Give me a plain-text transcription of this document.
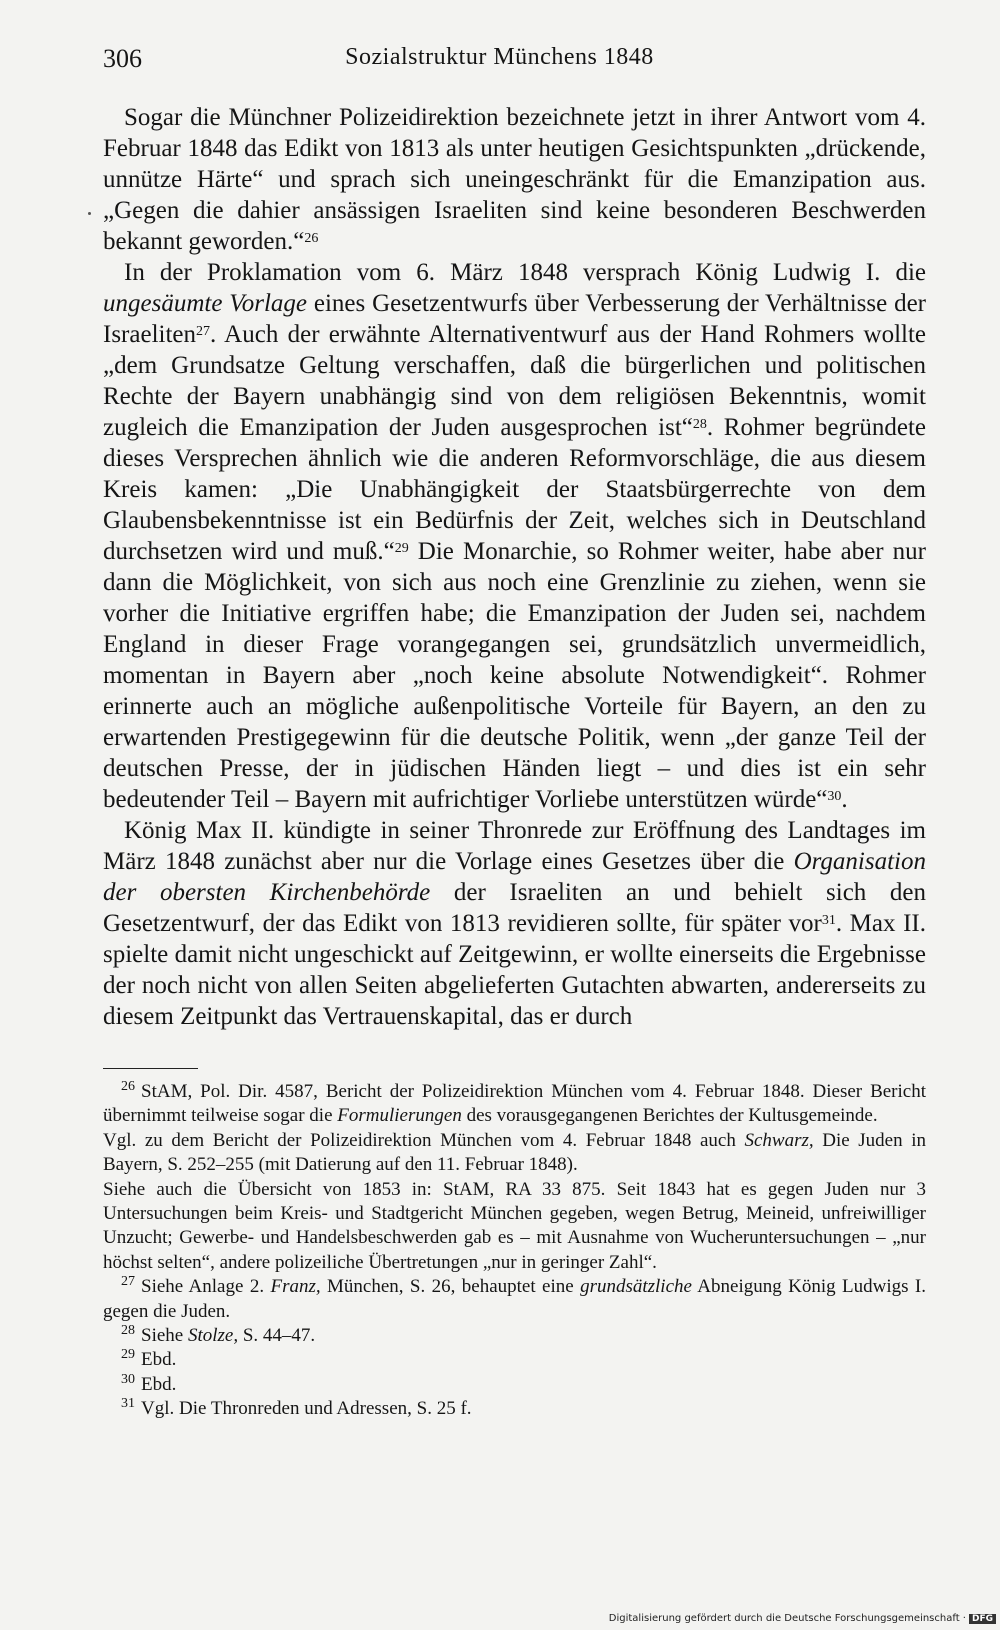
306	Sozialstruktur Münchens 1848

Sogar die Münchner Polizeidirektion bezeichnete jetzt in ihrer Antwort vom 4. Februar 1848 das Edikt von 1813 als unter heutigen Gesichtspunkten „drückende, unnütze Härte“ und sprach sich uneingeschränkt für die Emanzipation aus. „Gegen die dahier ansässigen Israeliten sind keine besonderen Beschwerden bekannt geworden.“$^{26}$

In der Proklamation vom 6. März 1848 versprach König Ludwig I. die ungesäumte Vorlage eines Gesetzentwurfs über Verbesserung der Verhältnisse der Israeliten$^{27}$. Auch der erwähnte Alternativentwurf aus der Hand Rohmers wollte „dem Grundsatze Geltung verschaffen, daß die bürgerlichen und politischen Rechte der Bayern unabhängig sind von dem religiösen Bekenntnis, womit zugleich die Emanzipation der Juden ausgesprochen ist“$^{28}$. Rohmer begründete dieses Versprechen ähnlich wie die anderen Reformvorschläge, die aus diesem Kreis kamen: „Die Unabhängigkeit der Staatsbürgerrechte von dem Glaubensbekenntnisse ist ein Bedürfnis der Zeit, welches sich in Deutschland durchsetzen wird und muß.“$^{29}$ Die Monarchie, so Rohmer weiter, habe aber nur dann die Möglichkeit, von sich aus noch eine Grenzlinie zu ziehen, wenn sie vorher die Initiative ergriffen habe; die Emanzipation der Juden sei, nachdem England in dieser Frage vorangegangen sei, grundsätzlich unvermeidlich, momentan in Bayern aber „noch keine absolute Notwendigkeit“. Rohmer erinnerte auch an mögliche außenpolitische Vorteile für Bayern, an den zu erwartenden Prestigegewinn für die deutsche Politik, wenn „der ganze Teil der deutschen Presse, der in jüdischen Händen liegt – und dies ist ein sehr bedeutender Teil – Bayern mit aufrichtiger Vorliebe unterstützen würde“$^{30}$.

König Max II. kündigte in seiner Thronrede zur Eröffnung des Landtages im März 1848 zunächst aber nur die Vorlage eines Gesetzes über die Organisation der obersten Kirchenbehörde der Israeliten an und behielt sich den Gesetzentwurf, der das Edikt von 1813 revidieren sollte, für später vor$^{31}$. Max II. spielte damit nicht ungeschickt auf Zeitgewinn, er wollte einerseits die Ergebnisse der noch nicht von allen Seiten abgelieferten Gutachten abwarten, andererseits zu diesem Zeitpunkt das Vertrauenskapital, das er durch

$^{26}$ StAM, Pol. Dir. 4587, Bericht der Polizeidirektion München vom 4. Februar 1848. Dieser Bericht übernimmt teilweise sogar die Formulierungen des vorausgegangenen Berichtes der Kultusgemeinde.

Vgl. zu dem Bericht der Polizeidirektion München vom 4. Februar 1848 auch Schwarz, Die Juden in Bayern, S. 252–255 (mit Datierung auf den 11. Februar 1848).

Siehe auch die Übersicht von 1853 in: StAM, RA 33 875. Seit 1843 hat es gegen Juden nur 3 Untersuchungen beim Kreis- und Stadtgericht München gegeben, wegen Betrug, Meineid, unfreiwilliger Unzucht; Gewerbe- und Handelsbeschwerden gab es – mit Ausnahme von Wucheruntersuchungen – „nur höchst selten“, andere polizeiliche Übertretungen „nur in geringer Zahl“.

$^{27}$ Siehe Anlage 2. Franz, München, S. 26, behauptet eine grundsätzliche Abneigung König Ludwigs I. gegen die Juden.

$^{28}$ Siehe Stolze, S. 44–47.

$^{29}$ Ebd.

$^{30}$ Ebd.

$^{31}$ Vgl. Die Thronreden und Adressen, S. 25 f.

Digitalisierung gefördert durch die Deutsche Forschungsgemeinschaft · DFG
